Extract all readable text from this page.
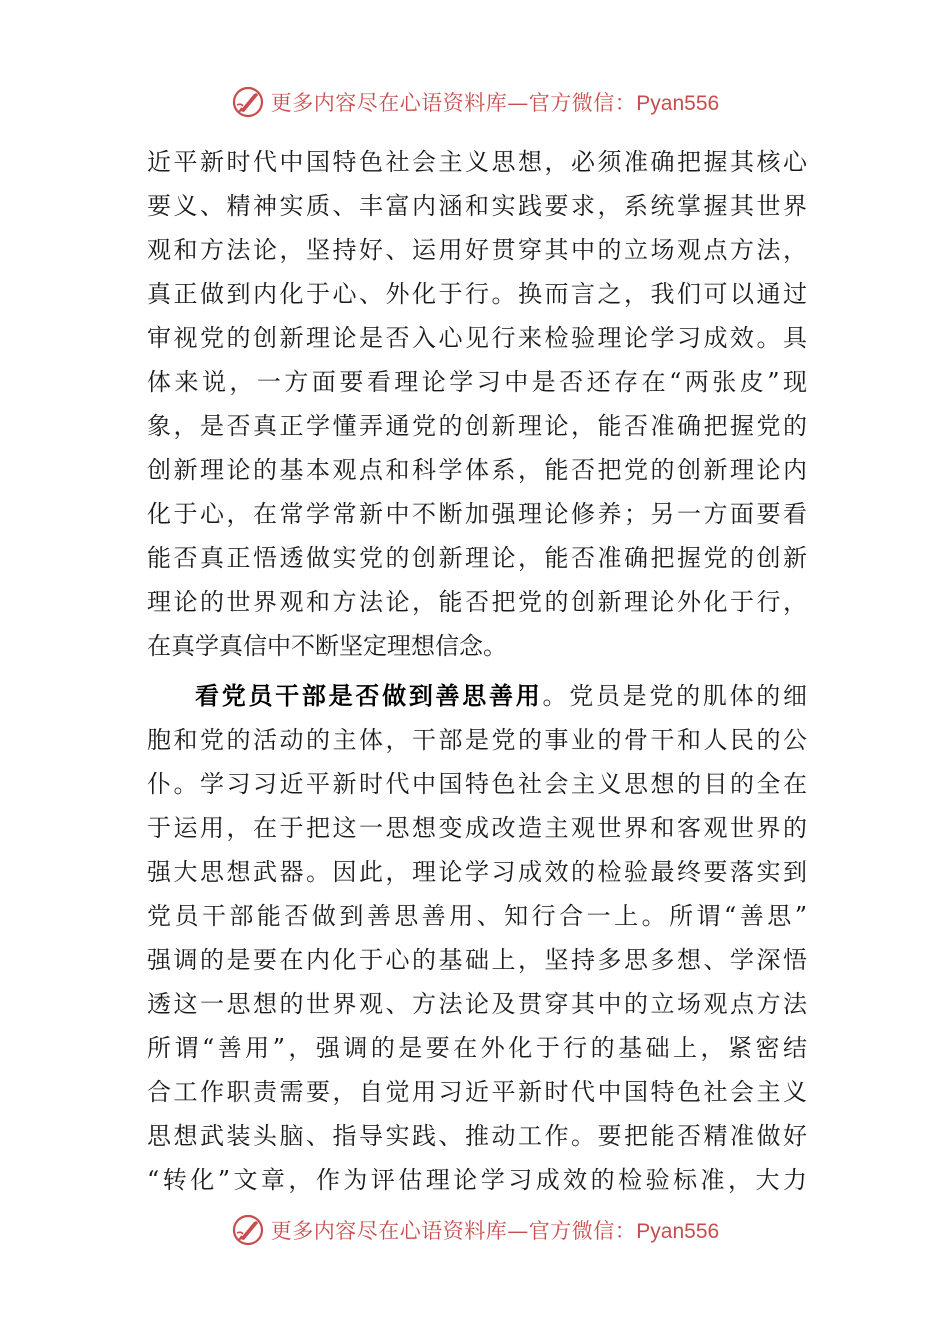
更多内容尽在心语资料库—官方微信：Pyan556
近平新时代中国特色社会主义思想，必须准确把握其核心
要义、精神实质、丰富内涵和实践要求，系统掌握其世界
观和方法论，坚持好、运用好贯穿其中的立场观点方法，
真正做到内化于心、外化于行。换而言之，我们可以通过
审视党的创新理论是否入心见行来检验理论学习成效。具
体来说，一方面要看理论学习中是否还存在“两张皮”现
象，是否真正学懂弄通党的创新理论，能否准确把握党的
创新理论的基本观点和科学体系，能否把党的创新理论内
化于心，在常学常新中不断加强理论修养；另一方面要看
能否真正悟透做实党的创新理论，能否准确把握党的创新
理论的世界观和方法论，能否把党的创新理论外化于行，
在真学真信中不断坚定理想信念。
看党员干部是否做到善思善用。党员是党的肌体的细
胞和党的活动的主体，干部是党的事业的骨干和人民的公
仆。学习习近平新时代中国特色社会主义思想的目的全在
于运用，在于把这一思想变成改造主观世界和客观世界的
强大思想武器。因此，理论学习成效的检验最终要落实到
党员干部能否做到善思善用、知行合一上。所谓“善思”
强调的是要在内化于心的基础上，坚持多思多想、学深悟
透这一思想的世界观、方法论及贯穿其中的立场观点方法
所谓“善用”，强调的是要在外化于行的基础上，紧密结
合工作职责需要，自觉用习近平新时代中国特色社会主义
思想武装头脑、指导实践、推动工作。要把能否精准做好
“转化”文章，作为评估理论学习成效的检验标准，大力
更多内容尽在心语资料库—官方微信：Pyan556
